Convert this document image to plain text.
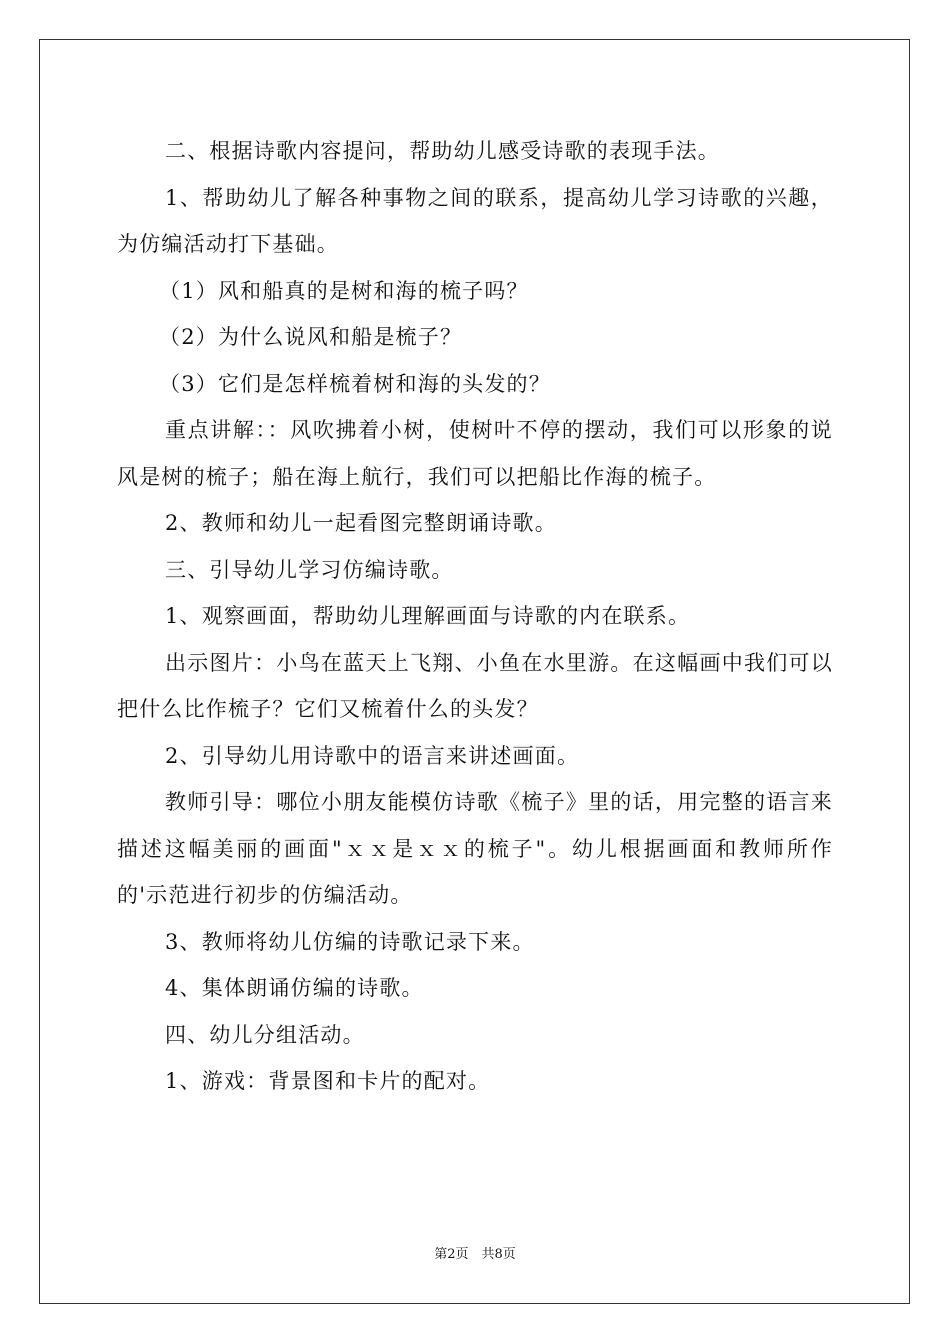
二、根据诗歌内容提问，帮助幼儿感受诗歌的表现手法。

1、帮助幼儿了解各种事物之间的联系，提高幼儿学习诗歌的兴趣，为仿编活动打下基础。

（1）风和船真的是树和海的梳子吗？

（2）为什么说风和船是梳子？

（3）它们是怎样梳着树和海的头发的？

重点讲解：：风吹拂着小树，使树叶不停的摆动，我们可以形象的说风是树的梳子；船在海上航行，我们可以把船比作海的梳子。

2、教师和幼儿一起看图完整朗诵诗歌。

三、引导幼儿学习仿编诗歌。

1、观察画面，帮助幼儿理解画面与诗歌的内在联系。

出示图片：小鸟在蓝天上飞翔、小鱼在水里游。在这幅画中我们可以把什么比作梳子？它们又梳着什么的头发？

2、引导幼儿用诗歌中的语言来讲述画面。

教师引导：哪位小朋友能模仿诗歌《梳子》里的话，用完整的语言来描述这幅美丽的画面"ｘｘ是ｘｘ的梳子"。幼儿根据画面和教师所作的'示范进行初步的仿编活动。

3、教师将幼儿仿编的诗歌记录下来。

4、集体朗诵仿编的诗歌。

四、幼儿分组活动。

1、游戏：背景图和卡片的配对。

第2页　共8页
